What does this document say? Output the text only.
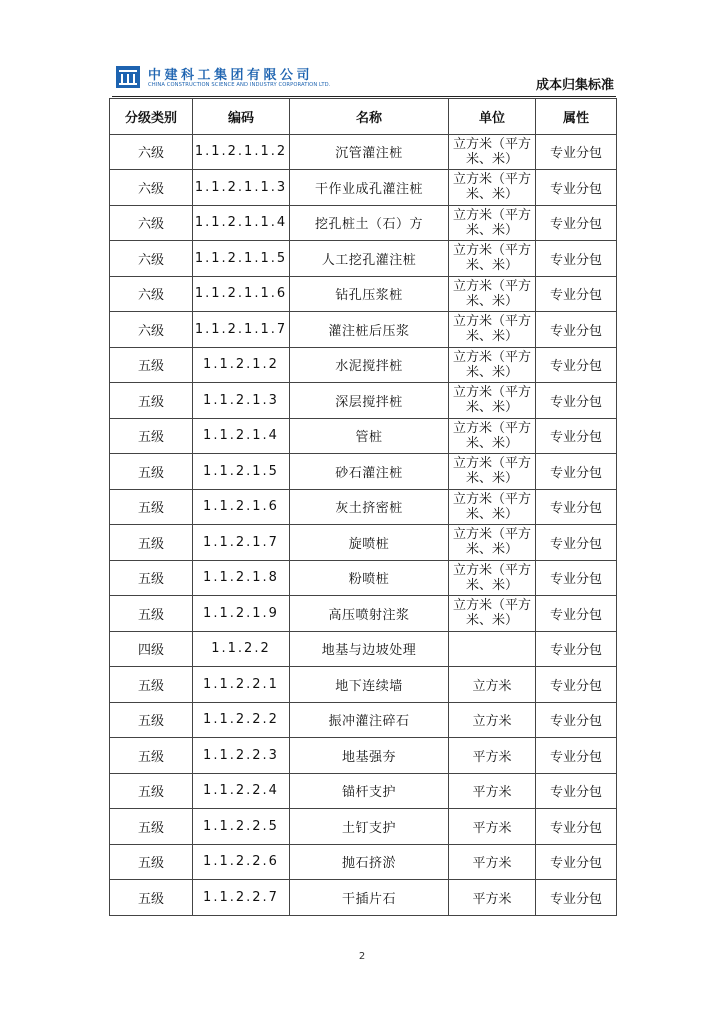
中建科工集团有限公司
CHINA CONSTRUCTION SCIENCE AND INDUSTRY CORPORATION LTD.	成本归集标准
分级类别	编码	名称	单位	属性
六级	1.1.2.1.1.2	沉管灌注桩	立方米（平方米、米）	专业分包
六级	1.1.2.1.1.3	干作业成孔灌注桩	立方米（平方米、米）	专业分包
六级	1.1.2.1.1.4	挖孔桩土（石）方	立方米（平方米、米）	专业分包
六级	1.1.2.1.1.5	人工挖孔灌注桩	立方米（平方米、米）	专业分包
六级	1.1.2.1.1.6	钻孔压浆桩	立方米（平方米、米）	专业分包
六级	1.1.2.1.1.7	灌注桩后压浆	立方米（平方米、米）	专业分包
五级	1.1.2.1.2	水泥搅拌桩	立方米（平方米、米）	专业分包
五级	1.1.2.1.3	深层搅拌桩	立方米（平方米、米）	专业分包
五级	1.1.2.1.4	管桩	立方米（平方米、米）	专业分包
五级	1.1.2.1.5	砂石灌注桩	立方米（平方米、米）	专业分包
五级	1.1.2.1.6	灰土挤密桩	立方米（平方米、米）	专业分包
五级	1.1.2.1.7	旋喷桩	立方米（平方米、米）	专业分包
五级	1.1.2.1.8	粉喷桩	立方米（平方米、米）	专业分包
五级	1.1.2.1.9	高压喷射注浆	立方米（平方米、米）	专业分包
四级	1.1.2.2	地基与边坡处理		专业分包
五级	1.1.2.2.1	地下连续墙	立方米	专业分包
五级	1.1.2.2.2	振冲灌注碎石	立方米	专业分包
五级	1.1.2.2.3	地基强夯	平方米	专业分包
五级	1.1.2.2.4	锚杆支护	平方米	专业分包
五级	1.1.2.2.5	土钉支护	平方米	专业分包
五级	1.1.2.2.6	抛石挤淤	平方米	专业分包
五级	1.1.2.2.7	干插片石	平方米	专业分包
2
